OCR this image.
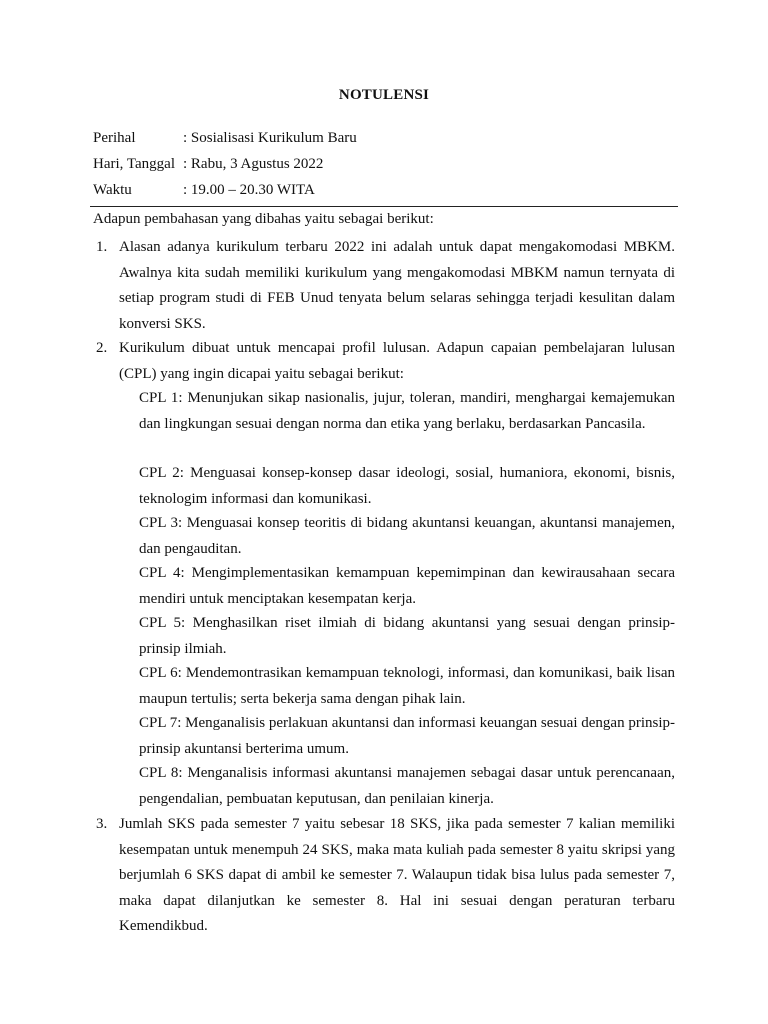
NOTULENSI
Perihal	: Sosialisasi Kurikulum Baru
Hari, Tanggal : Rabu, 3 Agustus 2022
Waktu	: 19.00 – 20.30 WITA
Adapun pembahasan yang dibahas yaitu sebagai berikut:
1. Alasan adanya kurikulum terbaru 2022 ini adalah untuk dapat mengakomodasi MBKM. Awalnya kita sudah memiliki kurikulum yang mengakomodasi MBKM namun ternyata di setiap program studi di FEB Unud tenyata belum selaras sehingga terjadi kesulitan dalam konversi SKS.
2. Kurikulum dibuat untuk mencapai profil lulusan. Adapun capaian pembelajaran lulusan (CPL) yang ingin dicapai yaitu sebagai berikut:
CPL 1: Menunjukan sikap nasionalis, jujur, toleran, mandiri, menghargai kemajemukan dan lingkungan sesuai dengan norma dan etika yang berlaku, berdasarkan Pancasila.
CPL 2: Menguasai konsep-konsep dasar ideologi, sosial, humaniora, ekonomi, bisnis, teknologim informasi dan komunikasi.
CPL 3: Menguasai konsep teoritis di bidang akuntansi keuangan, akuntansi manajemen, dan pengauditan.
CPL 4: Mengimplementasikan kemampuan kepemimpinan dan kewirausahaan secara mendiri untuk menciptakan kesempatan kerja.
CPL 5: Menghasilkan riset ilmiah di bidang akuntansi yang sesuai dengan prinsip-prinsip ilmiah.
CPL 6: Mendemontrasikan kemampuan teknologi, informasi, dan komunikasi, baik lisan maupun tertulis; serta bekerja sama dengan pihak lain.
CPL 7: Menganalisis perlakuan akuntansi dan informasi keuangan sesuai dengan prinsip-prinsip akuntansi berterima umum.
CPL 8: Menganalisis informasi akuntansi manajemen sebagai dasar untuk perencanaan, pengendalian, pembuatan keputusan, dan penilaian kinerja.
3. Jumlah SKS pada semester 7 yaitu sebesar 18 SKS, jika pada semester 7 kalian memiliki kesempatan untuk menempuh 24 SKS, maka mata kuliah pada semester 8 yaitu skripsi yang berjumlah 6 SKS dapat di ambil ke semester 7. Walaupun tidak bisa lulus pada semester 7, maka dapat dilanjutkan ke semester 8. Hal ini sesuai dengan peraturan terbaru Kemendikbud.
